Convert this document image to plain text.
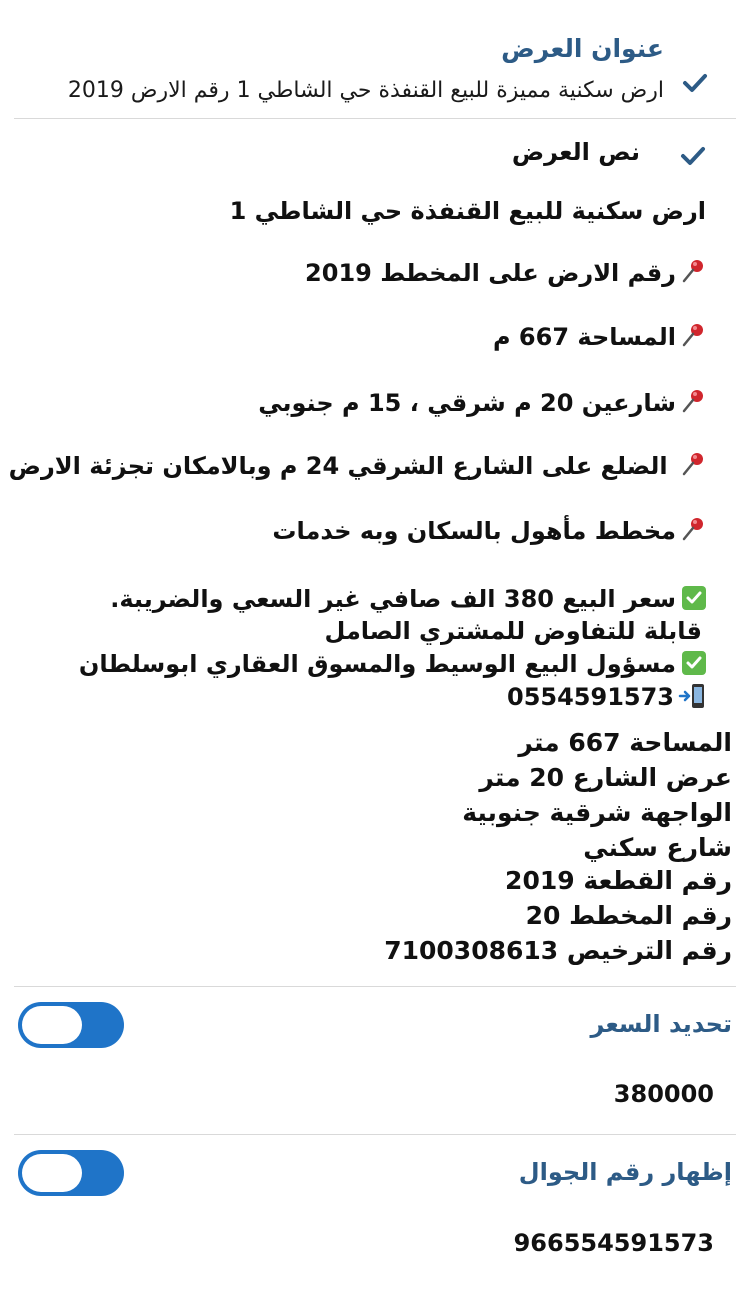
عنوان العرض
ارض سكنية مميزة للبيع القنفذة حي الشاطي 1 رقم الارض 2019
نص العرض
ارض سكنية للبيع القنفذة حي الشاطي 1
رقم الارض على المخطط 2019
المساحة 667 م
شارعين 20 م شرقي ، 15 م جنوبي
الضلع على الشارع الشرقي 24 م وبالامكان تجزئة الارض
مخطط مأهول بالسكان وبه خدمات
سعر البيع 380 الف صافي غير السعي والضريبة.
قابلة للتفاوض للمشتري الصامل
مسؤول البيع الوسيط والمسوق العقاري ابوسلطان
0554591573
المساحة 667 متر
عرض الشارع 20 متر
الواجهة شرقية جنوبية
شارع سكني
رقم القطعة 2019
رقم المخطط 20
رقم الترخيص 7100308613
تحديد السعر
380000
إظهار رقم الجوال
966554591573
